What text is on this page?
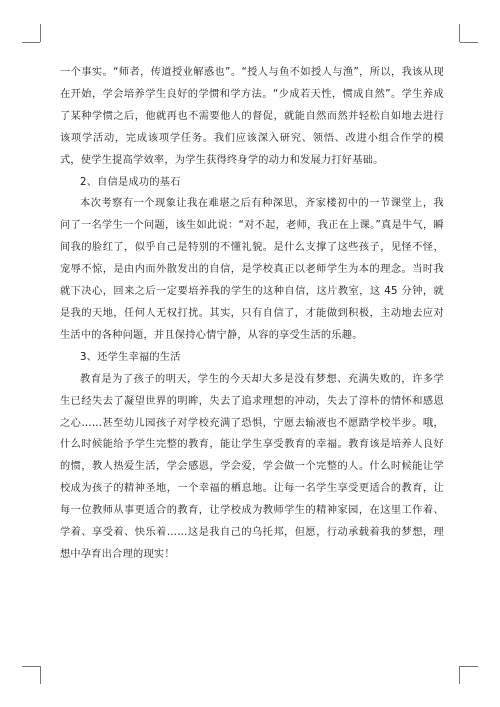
一个事实。“师者，传道授业解惑也”。“授人与鱼不如授人与渔”，所以，我该从现在开始，学会培养学生良好的学惯和学方法。“少成若天性，惯成自然”。学生养成了某种学惯之后，他就再也不需要他人的督促，就能自然而然并轻松自如地去进行该项学活动，完成该项学任务。我们应该深入研究、领悟、改进小组合作学的模式，使学生提高学效率，为学生获得终身学的动力和发展力打好基础。

2、自信是成功的基石

本次考察有一个现象让我在难堪之后有种深思，齐家楼初中的一节课堂上，我问了一名学生一个问题，该生如此说：“对不起，老师，我正在上课。”真是牛气，瞬间我的脸红了，似乎自己是特别的不懂礼貌。是什么支撑了这些孩子，见怪不怪，宠辱不惊，是由内而外散发出的自信，是学校真正以老师学生为本的理念。当时我就下决心，回来之后一定要培养我的学生的这种自信，这片教室，这 45 分钟，就是我的天地，任何人无权打扰。其实，只有自信了，才能做到积极，主动地去应对生活中的各种问题，并且保持心情宁静，从容的享受生活的乐趣。

3、还学生幸福的生活

教育是为了孩子的明天，学生的今天却大多是没有梦想、充满失败的，许多学生已经失去了凝望世界的明眸，失去了追求理想的冲动，失去了淳朴的情怀和感恩之心……甚至幼儿园孩子对学校充满了恐惧，宁愿去输液也不愿踏学校半步。哦，什么时候能给予学生完整的教育，能让学生享受教育的幸福。教育该是培养人良好的惯，教人热爱生活，学会感恩，学会爱，学会做一个完整的人。什么时候能让学校成为孩子的精神圣地，一个幸福的栖息地。让每一名学生享受更适合的教育，让每一位教师从事更适合的教育，让学校成为教师学生的精神家园，在这里工作着、学着、享受着、快乐着……这是我自己的乌托邦，但愿，行动承载着我的梦想，理想中孕育出合理的现实！
